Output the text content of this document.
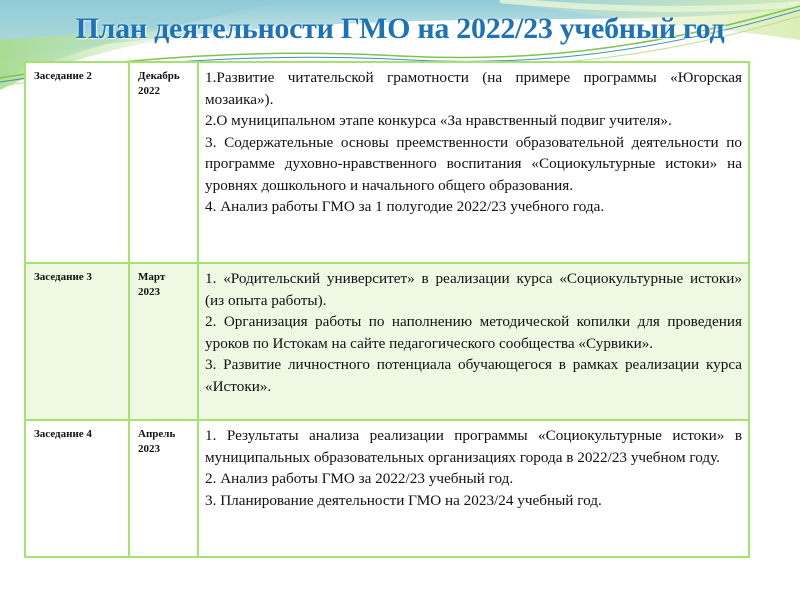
План деятельности ГМО на 2022/23 учебный год
Заседание 2	Декабрь
2022	

1.Развитие читательской грамотности (на примере программы «Югорская мозаика»).

2.О муниципальном этапе конкурса «За нравственный подвиг учителя».

3. Содержательные основы преемственности образовательной деятельности по программе духовно-нравственного воспитания «Социокультурные истоки» на уровнях дошкольного и начального общего образования.

4. Анализ работы ГМО за 1 полугодие 2022/23 учебного года.

Заседание 3	Март
2023	

1. «Родительский университет» в реализации курса «Социокультурные истоки» (из опыта работы).

2. Организация работы по наполнению методической копилки для проведения уроков по Истокам на сайте педагогического сообщества «Сурвики».

3. Развитие личностного потенциала обучающегося в рамках реализации курса «Истоки».

Заседание 4	Апрель
2023	

1. Результаты анализа реализации программы «Социокультурные истоки» в муниципальных образовательных организациях города в 2022/23 учебном году.

2. Анализ работы ГМО за 2022/23 учебный год.

3. Планирование деятельности ГМО на 2023/24 учебный год.
